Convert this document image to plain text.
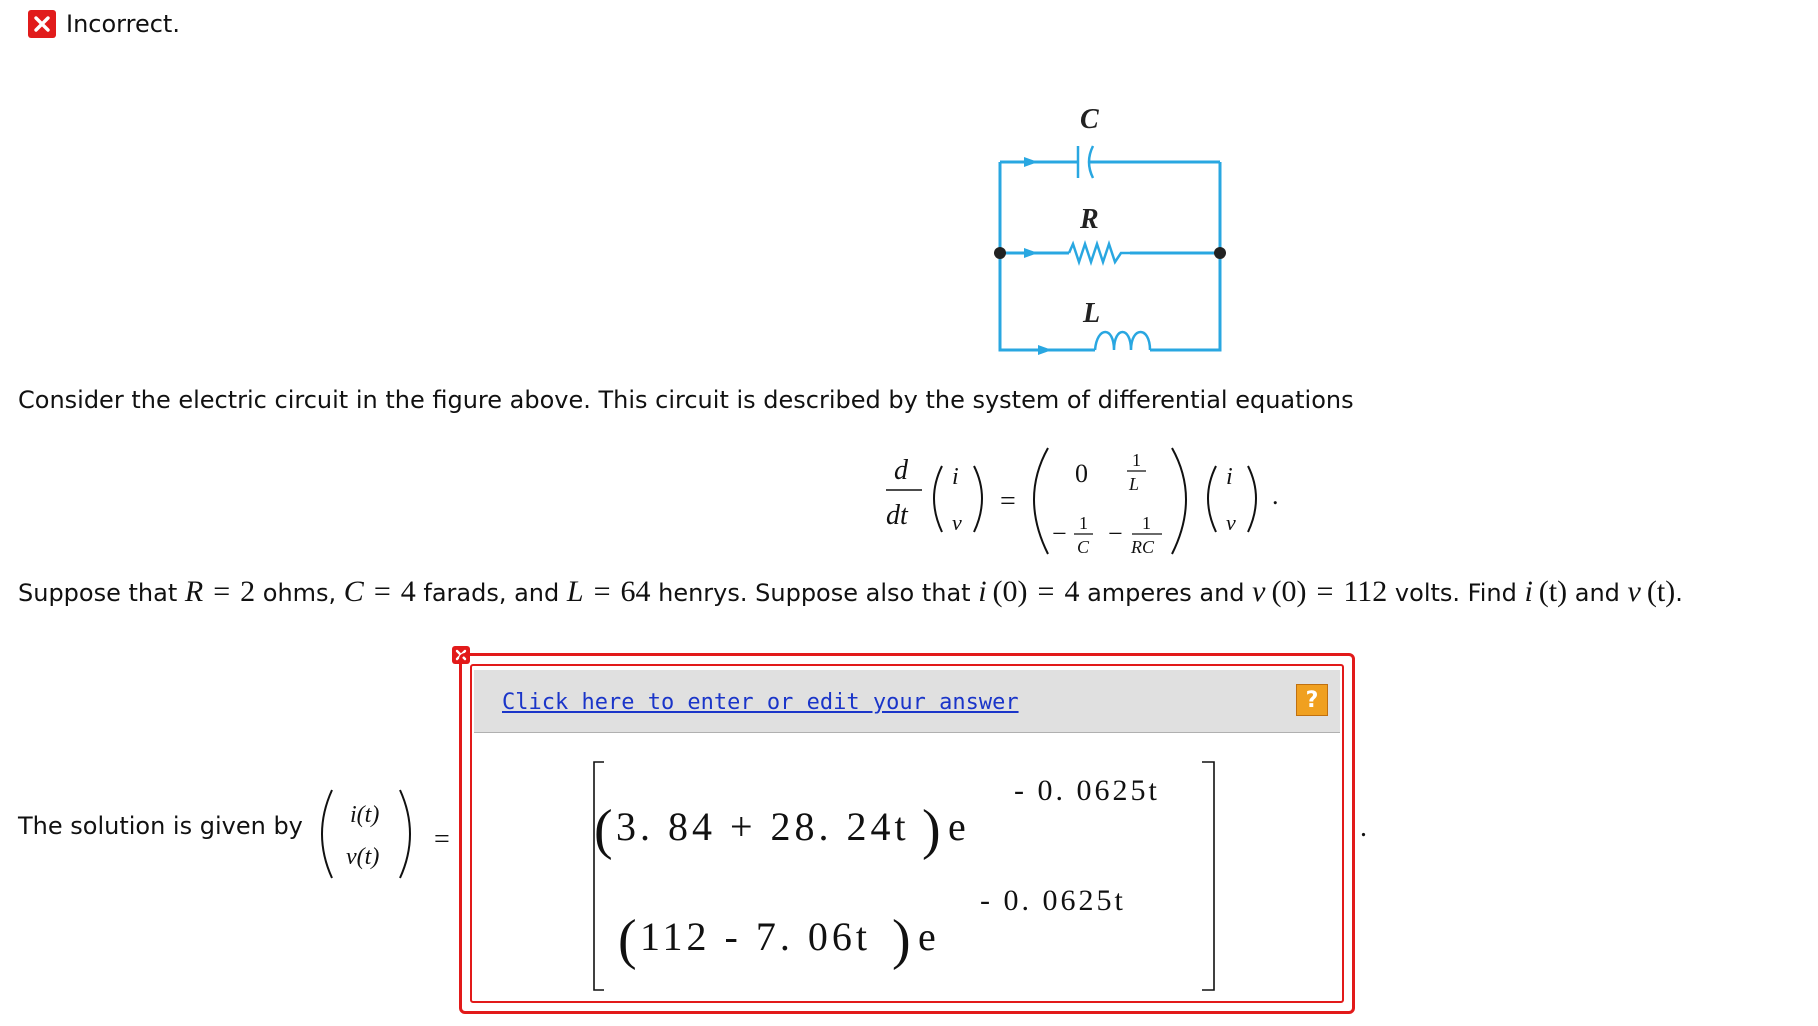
Incorrect.
C
R
L
Consider the electric circuit in the figure above. This circuit is described by the system of differential equations
d
dt
i
v
=
0 1
L
− 1
C − 1
RC
i
v
.
Suppose that R = 2 ohms, C = 4 farads, and L = 64 henrys. Suppose also that i (0) = 4 amperes and v (0) = 112 volts. Find i (t) and v (t) .
The solution is given by i(t)
v(t)
=	.
Click here to enter or edit your answer	?
( 3. 84 + 28. 24t ) e
- 0. 0625t
( 112 - 7. 06t ) e
- 0. 0625t
